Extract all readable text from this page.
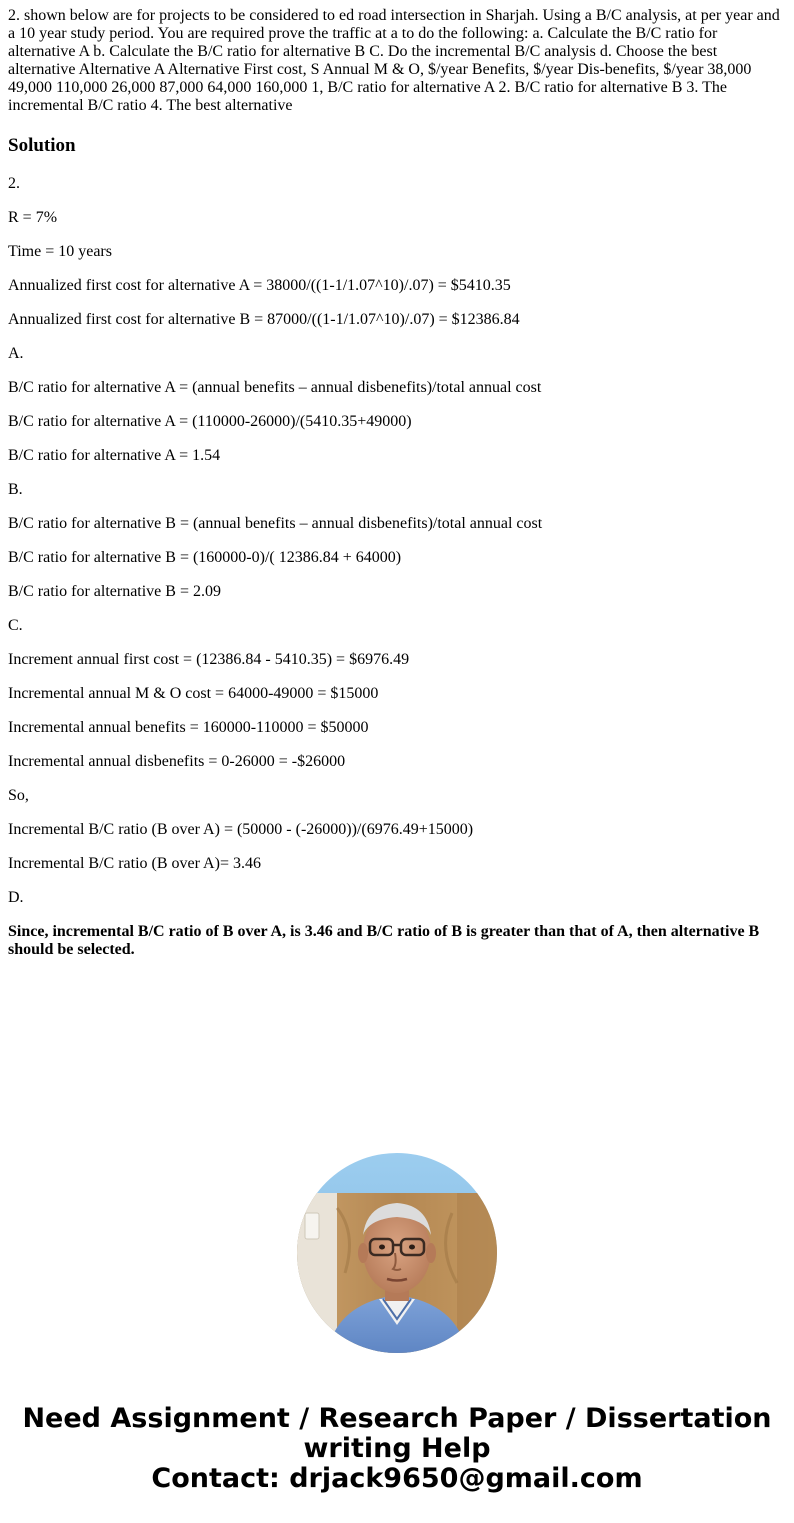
2. shown below are for projects to be considered to ed road intersection in Sharjah. Using a B/C analysis, at per year and a 10 year study period. You are required prove the traffic at a to do the following: a. Calculate the B/C ratio for alternative A b. Calculate the B/C ratio for alternative B C. Do the incremental B/C analysis d. Choose the best alternative Alternative A Alternative First cost, S Annual M & O, $/year Benefits, $/year Dis-benefits, $/year 38,000 49,000 110,000 26,000 87,000 64,000 160,000 1, B/C ratio for alternative A 2. B/C ratio for alternative B 3. The incremental B/C ratio 4. The best alternative
Solution
2.
R = 7%
Time = 10 years
Annualized first cost for alternative A = 38000/((1-1/1.07^10)/.07) = $5410.35
Annualized first cost for alternative B = 87000/((1-1/1.07^10)/.07) = $12386.84
A.
B/C ratio for alternative A = (annual benefits – annual disbenefits)/total annual cost
B/C ratio for alternative A = (110000-26000)/(5410.35+49000)
B/C ratio for alternative A = 1.54
B.
B/C ratio for alternative B = (annual benefits – annual disbenefits)/total annual cost
B/C ratio for alternative B = (160000-0)/( 12386.84 + 64000)
B/C ratio for alternative B = 2.09
C.
Increment annual first cost = (12386.84 - 5410.35) = $6976.49
Incremental annual M & O cost = 64000-49000 = $15000
Incremental annual benefits = 160000-110000 = $50000
Incremental annual disbenefits = 0-26000 = -$26000
So,
Incremental B/C ratio (B over A) = (50000 - (-26000))/(6976.49+15000)
Incremental B/C ratio (B over A)= 3.46
D.
Since, incremental B/C ratio of B over A, is 3.46 and B/C ratio of B is greater than that of A, then alternative B should be selected.
Need Assignment / Research Paper / Dissertation
writing Help
Contact: drjack9650@gmail.com
